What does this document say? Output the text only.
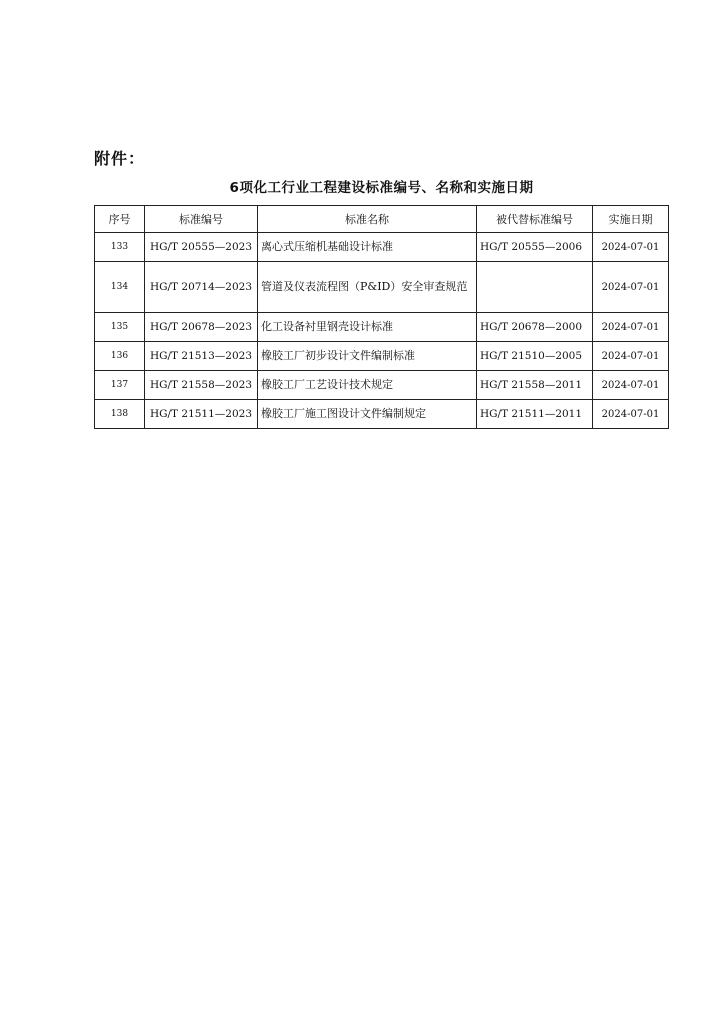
附件：
6项化工行业工程建设标准编号、名称和实施日期
序号	标准编号	标准名称	被代替标准编号	实施日期
133	HG/T 20555—2023	离心式压缩机基础设计标准	HG/T 20555—2006	2024-07-01
134	HG/T 20714—2023	管道及仪表流程图（P&ID）安全审查规范		2024-07-01
135	HG/T 20678—2023	化工设备衬里钢壳设计标准	HG/T 20678—2000	2024-07-01
136	HG/T 21513—2023	橡胶工厂初步设计文件编制标准	HG/T 21510—2005	2024-07-01
137	HG/T 21558—2023	橡胶工厂工艺设计技术规定	HG/T 21558—2011	2024-07-01
138	HG/T 21511—2023	橡胶工厂施工图设计文件编制规定	HG/T 21511—2011	2024-07-01
